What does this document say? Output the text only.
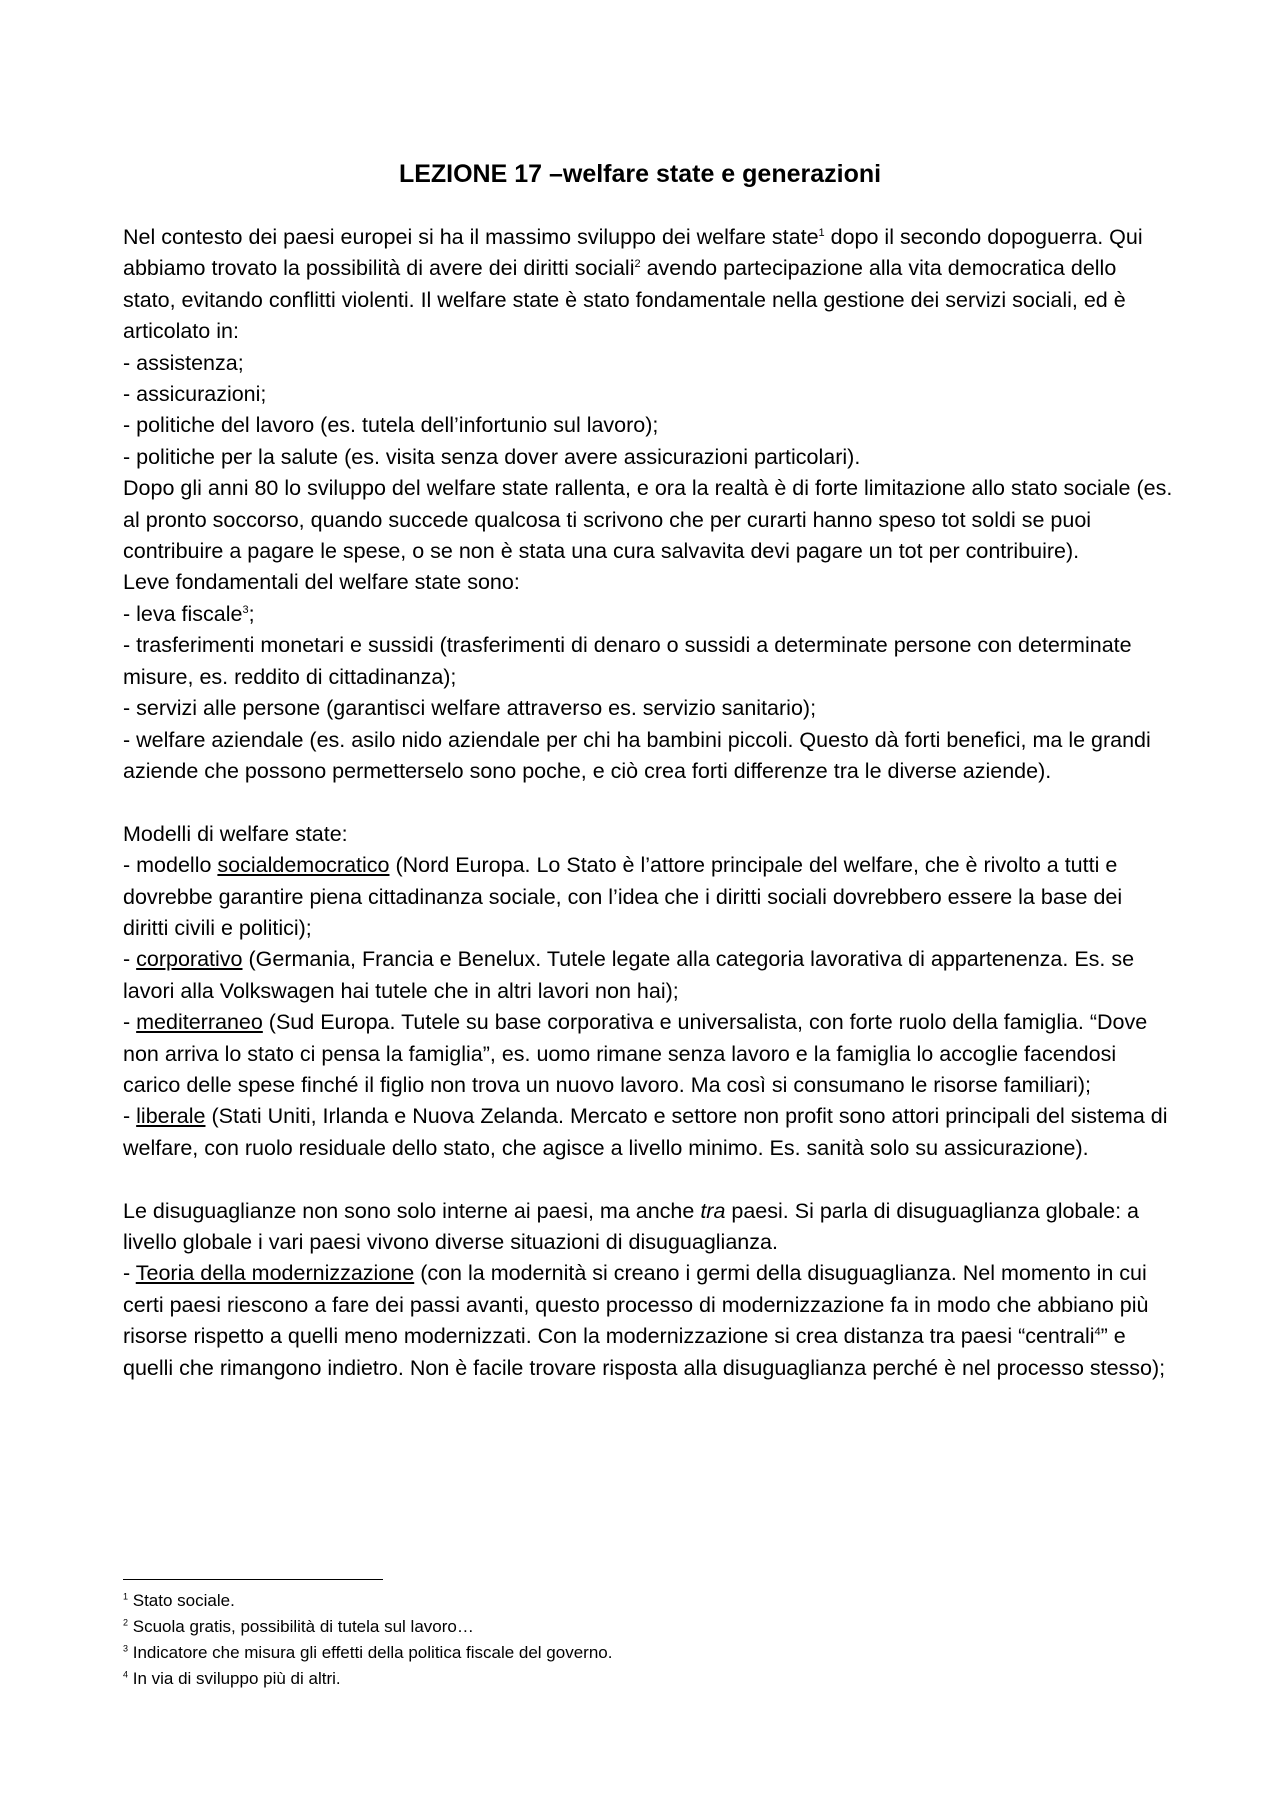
LEZIONE 17 –welfare state e generazioni

Nel contesto dei paesi europei si ha il massimo sviluppo dei welfare state$^1$ dopo il secondo dopoguerra. Qui abbiamo trovato la possibilità di avere dei diritti sociali$^2$ avendo partecipazione alla vita democratica dello stato, evitando conflitti violenti. Il welfare state è stato fondamentale nella gestione dei servizi sociali, ed è articolato in:

- assistenza;

- assicurazioni;

- politiche del lavoro (es. tutela dell’infortunio sul lavoro);

- politiche per la salute (es. visita senza dover avere assicurazioni particolari).

Dopo gli anni 80 lo sviluppo del welfare state rallenta, e ora la realtà è di forte limitazione allo stato sociale (es. al pronto soccorso, quando succede qualcosa ti scrivono che per curarti hanno speso tot soldi se puoi contribuire a pagare le spese, o se non è stata una cura salvavita devi pagare un tot per contribuire).

Leve fondamentali del welfare state sono:

- leva fiscale$^3$;

- trasferimenti monetari e sussidi (trasferimenti di denaro o sussidi a determinate persone con determinate misure, es. reddito di cittadinanza);

- servizi alle persone (garantisci welfare attraverso es. servizio sanitario);

- welfare aziendale (es. asilo nido aziendale per chi ha bambini piccoli. Questo dà forti benefici, ma le grandi aziende che possono permetterselo sono poche, e ciò crea forti differenze tra le diverse aziende).

Modelli di welfare state:

- modello socialdemocratico (Nord Europa. Lo Stato è l’attore principale del welfare, che è rivolto a tutti e dovrebbe garantire piena cittadinanza sociale, con l’idea che i diritti sociali dovrebbero essere la base dei diritti civili e politici);

- corporativo (Germania, Francia e Benelux. Tutele legate alla categoria lavorativa di appartenenza. Es. se lavori alla Volkswagen hai tutele che in altri lavori non hai);

- mediterraneo (Sud Europa. Tutele su base corporativa e universalista, con forte ruolo della famiglia. “Dove non arriva lo stato ci pensa la famiglia”, es. uomo rimane senza lavoro e la famiglia lo accoglie facendosi carico delle spese finché il figlio non trova un nuovo lavoro. Ma così si consumano le risorse familiari);

- liberale (Stati Uniti, Irlanda e Nuova Zelanda. Mercato e settore non profit sono attori principali del sistema di welfare, con ruolo residuale dello stato, che agisce a livello minimo. Es. sanità solo su assicurazione).

Le disuguaglianze non sono solo interne ai paesi, ma anche tra paesi. Si parla di disuguaglianza globale: a livello globale i vari paesi vivono diverse situazioni di disuguaglianza.

- Teoria della modernizzazione (con la modernità si creano i germi della disuguaglianza. Nel momento in cui certi paesi riescono a fare dei passi avanti, questo processo di modernizzazione fa in modo che abbiano più risorse rispetto a quelli meno modernizzati. Con la modernizzazione si crea distanza tra paesi “centrali$^4$” e quelli che rimangono indietro. Non è facile trovare risposta alla disuguaglianza perché è nel processo stesso);

$^1$ Stato sociale.

$^2$ Scuola gratis, possibilità di tutela sul lavoro…

$^3$ Indicatore che misura gli effetti della politica fiscale del governo.

$^4$ In via di sviluppo più di altri.
